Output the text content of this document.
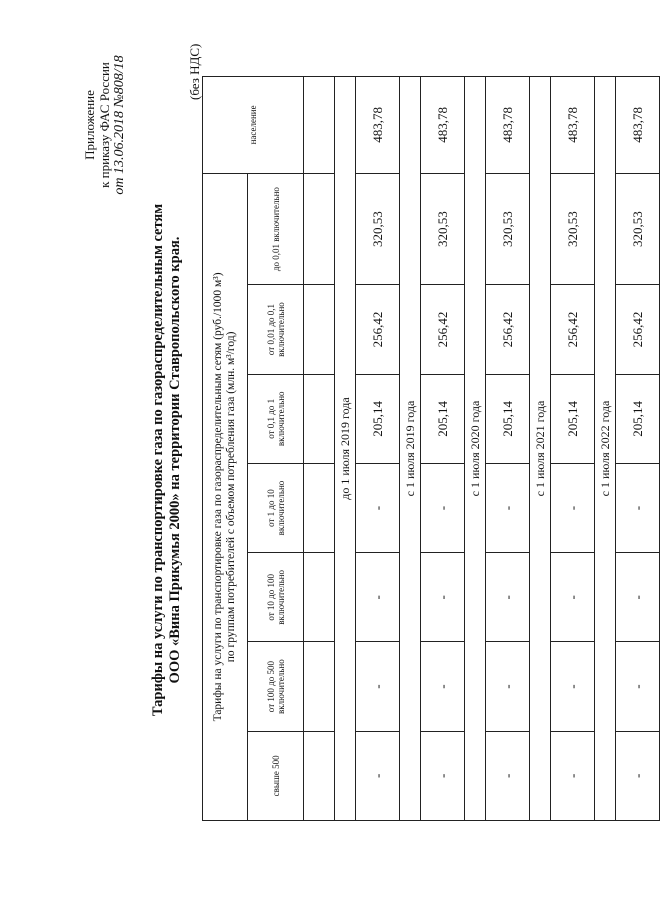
Приложение к приказу ФАС России от 13.06.2018 №808/18
Тарифы на услуги по транспортировке газа по газораспределительным сетям ООО «Вина Прикумья 2000» на территории Ставропольского края.
(без НДС)
Тарифы на услуги по транспортировке газа по газораспределительным сетям (руб./1000 м³) по группам потребителей с объемом потребления газа (млн. м³/год)							население
свыше 500	от 100 до 500 включительно	от 10 до 100 включительно	от 1 до 10 включительно	от 0,1 до 1 включительно	от 0,01 до 0,1 включительно	до 0,01 включительно	

до 1 июля 2019 года							
-	-	-	-	205,14	256,42	320,53	483,78
с 1 июля 2019 года							
-	-	-	-	205,14	256,42	320,53	483,78
с 1 июля 2020 года							
-	-	-	-	205,14	256,42	320,53	483,78
с 1 июля 2021 года							
-	-	-	-	205,14	256,42	320,53	483,78
с 1 июля 2022 года							
-	-	-	-	205,14	256,42	320,53	483,78
